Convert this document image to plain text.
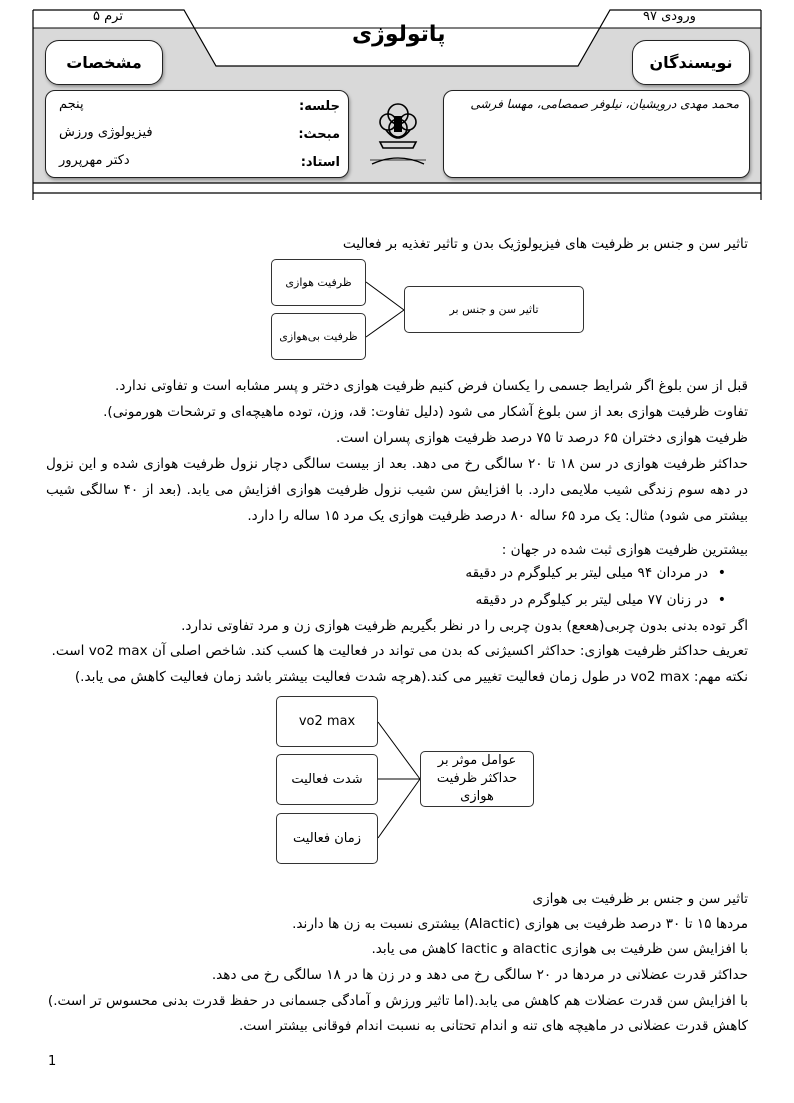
ورودی ۹۷
ترم ۵
پاتولوژی
نویسندگان
مشخصات
محمد مهدی درویشیان، نیلوفر صمصامی، مهسا فرشی
جلسه:
پنجم
مبحث:
فیزیولوژی ورزش
استاد:
دکتر مهرپرور
تاثیر سن و جنس بر ظرفیت های فیزیولوژیک بدن و تاثیر تغذیه بر فعالیت
ظرفیت هوازی
ظرفیت بی‌هوازی
تاثیر سن و جنس بر
قبل از سن بلوغ اگر شرایط جسمی را یکسان فرض کنیم ظرفیت هوازی دختر و پسر مشابه است و تفاوتی ندارد.
تفاوت ظرفیت هوازی بعد از سن بلوغ آشکار می شود (دلیل تفاوت: قد، وزن، توده ماهیچه‌ای و ترشحات هورمونی).
ظرفیت هوازی دختران ۶۵ درصد تا ۷۵ درصد ظرفیت هوازی پسران است.
حداکثر ظرفیت هوازی در سن ۱۸ تا ۲۰ سالگی رخ می دهد. بعد از بیست سالگی دچار نزول ظرفیت هوازی شده و این نزول در دهه سوم زندگی شیب ملایمی دارد. با افزایش سن شیب نزول ظرفیت هوازی افزایش می یابد. (بعد از ۴۰ سالگی شیب بیشتر می شود) مثال: یک مرد ۶۵ ساله ۸۰ درصد ظرفیت هوازی یک مرد ۱۵ ساله را دارد.
بیشترین ظرفیت هوازی ثبت شده در جهان :
• در مردان ۹۴ میلی لیتر بر کیلوگرم در دقیقه
• در زنان ۷۷ میلی لیتر بر کیلوگرم در دقیقه
اگر توده بدنی بدون چربی(هععع) بدون چربی را در نظر بگیریم ظرفیت هوازی زن و مرد تفاوتی ندارد.
تعریف حداکثر ظرفیت هوازی: حداکثر اکسیژنی که بدن می تواند در فعالیت ها کسب کند. شاخص اصلی آن vo2 max است.
نکته مهم: vo2 max در طول زمان فعالیت تغییر می کند.(هرچه شدت فعالیت بیشتر باشد زمان فعالیت کاهش می یابد.)
vo2 max
شدت فعالیت
زمان فعالیت
عوامل موثر بر حداکثر ظرفیت هوازی
تاثیر سن و جنس بر ظرفیت بی هوازی
مردها ۱۵ تا ۳۰ درصد ظرفیت بی هوازی (Alactic) بیشتری نسبت به زن ها دارند.
با افزایش سن ظرفیت بی هوازی alactic و lactic کاهش می یابد.
حداکثر قدرت عضلانی در مردها در ۲۰ سالگی رخ می دهد و در زن ها در ۱۸ سالگی رخ می دهد.
با افزایش سن قدرت عضلات هم کاهش می یابد.(اما تاثیر ورزش و آمادگی جسمانی در حفظ قدرت بدنی محسوس تر است.)
کاهش قدرت عضلانی در ماهیچه های تنه و اندام تحتانی به نسبت اندام فوقانی بیشتر است.
1
